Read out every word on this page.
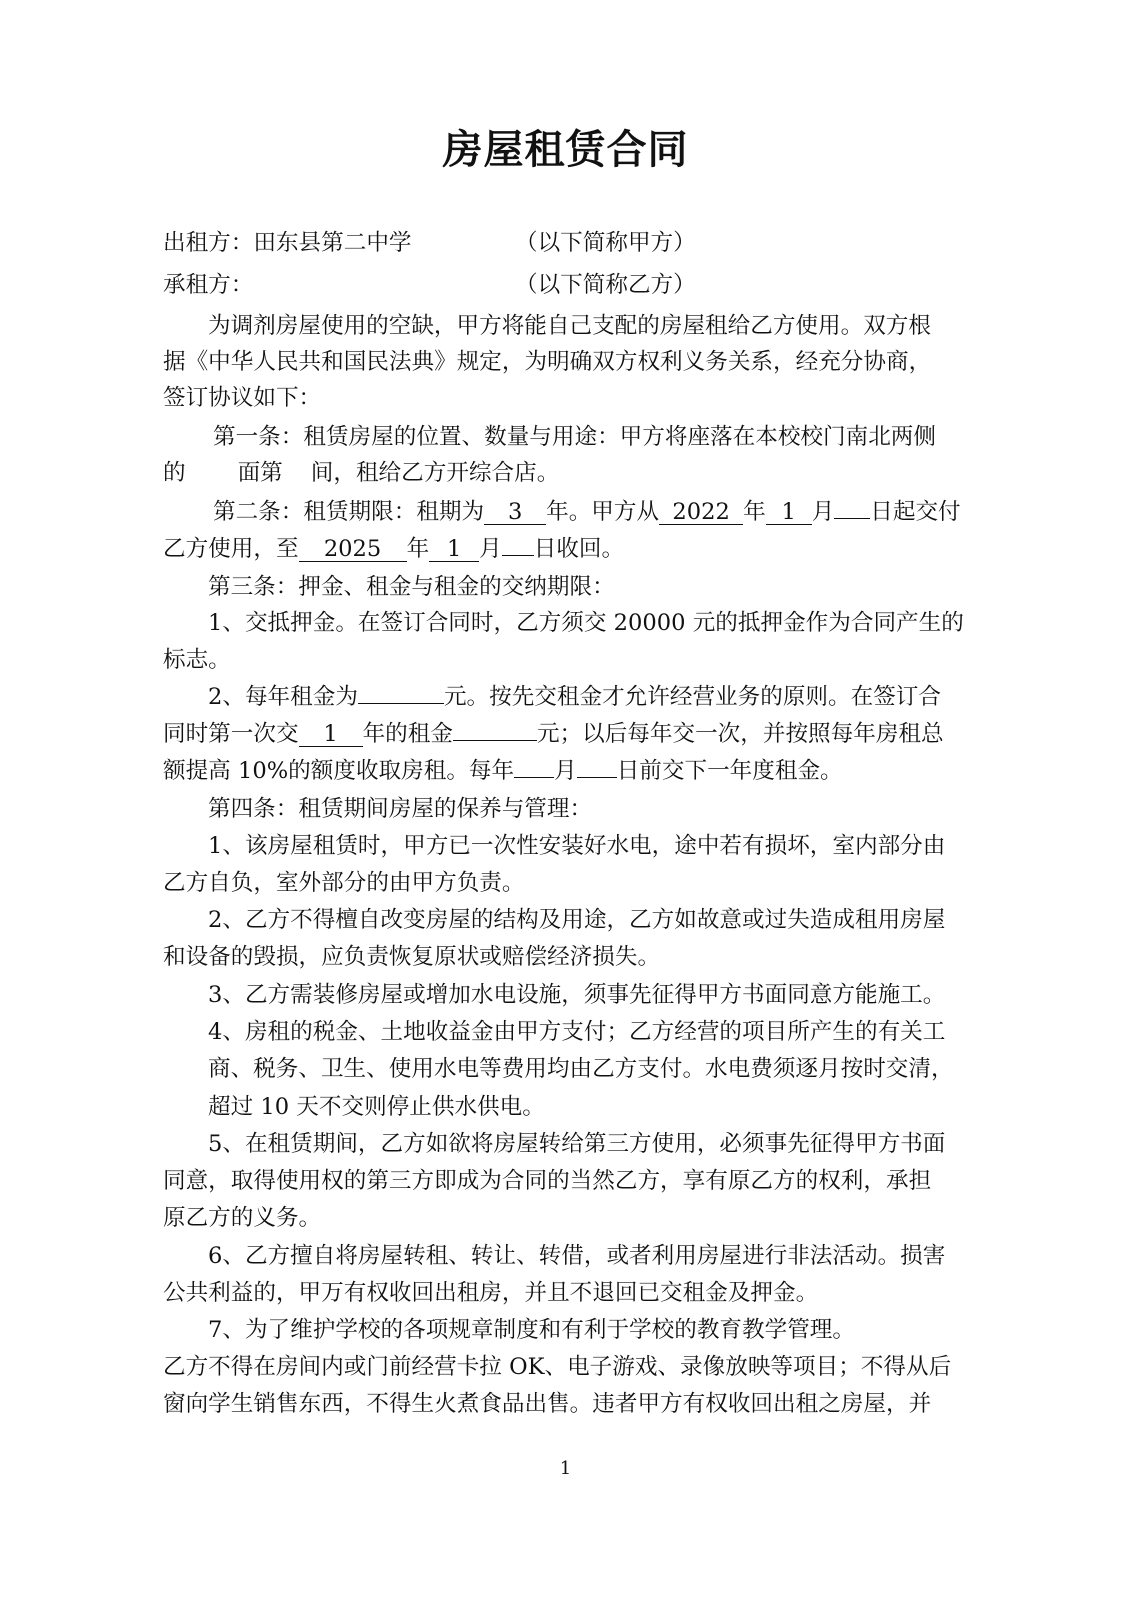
房屋租赁合同
出租方：田东县第二中学	（以下简称甲方）
承租方：	（以下简称乙方）
为调剂房屋使用的空缺，甲方将能自己支配的房屋租给乙方使用。双方根
据《中华人民共和国民法典》规定，为明确双方权利义务关系，经充分协商，
签订协议如下：
第一条：租赁房屋的位置、数量与用途：甲方将座落在本校校门南北两侧
的 面第 间，租给乙方开综合店。
第二条：租赁期限：租期为 3 年。甲方从 2022 年 1 月 日起交付
乙方使用，至 2025 年 1 月 日收回。
第三条：押金、租金与租金的交纳期限：
1、交抵押金。在签订合同时，乙方须交 20000 元的抵押金作为合同产生的
标志。
2、每年租金为	元。按先交租金才允许经营业务的原则。在签订合
同时第一次交 1 年的租金	元；以后每年交一次，并按照每年房租总
额提高 10%的额度收取房租。每年 月 日前交下一年度租金。
第四条：租赁期间房屋的保养与管理：
1、该房屋租赁时，甲方已一次性安装好水电，途中若有损坏，室内部分由
乙方自负，室外部分的由甲方负责。
2、乙方不得檀自改变房屋的结构及用途，乙方如故意或过失造成租用房屋
和设备的毁损，应负责恢复原状或赔偿经济损失。
3、乙方需装修房屋或增加水电设施，须事先征得甲方书面同意方能施工。
4、房租的税金、土地收益金由甲方支付；乙方经营的项目所产生的有关工
商、税务、卫生、使用水电等费用均由乙方支付。水电费须逐月按时交清，
超过 10 天不交则停止供水供电。
5、在租赁期间，乙方如欲将房屋转给第三方使用，必须事先征得甲方书面
同意，取得使用权的第三方即成为合同的当然乙方，享有原乙方的权利，承担
原乙方的义务。
6、乙方擅自将房屋转租、转让、转借，或者利用房屋进行非法活动。损害
公共利益的，甲万有权收回出租房，并且不退回已交租金及押金。
7、为了维护学校的各项规章制度和有利于学校的教育教学管理。
乙方不得在房间内或门前经营卡拉 OK、电子游戏、录像放映等项目；不得从后
窗向学生销售东西，不得生火煮食品出售。违者甲方有权收回出租之房屋，并
1
